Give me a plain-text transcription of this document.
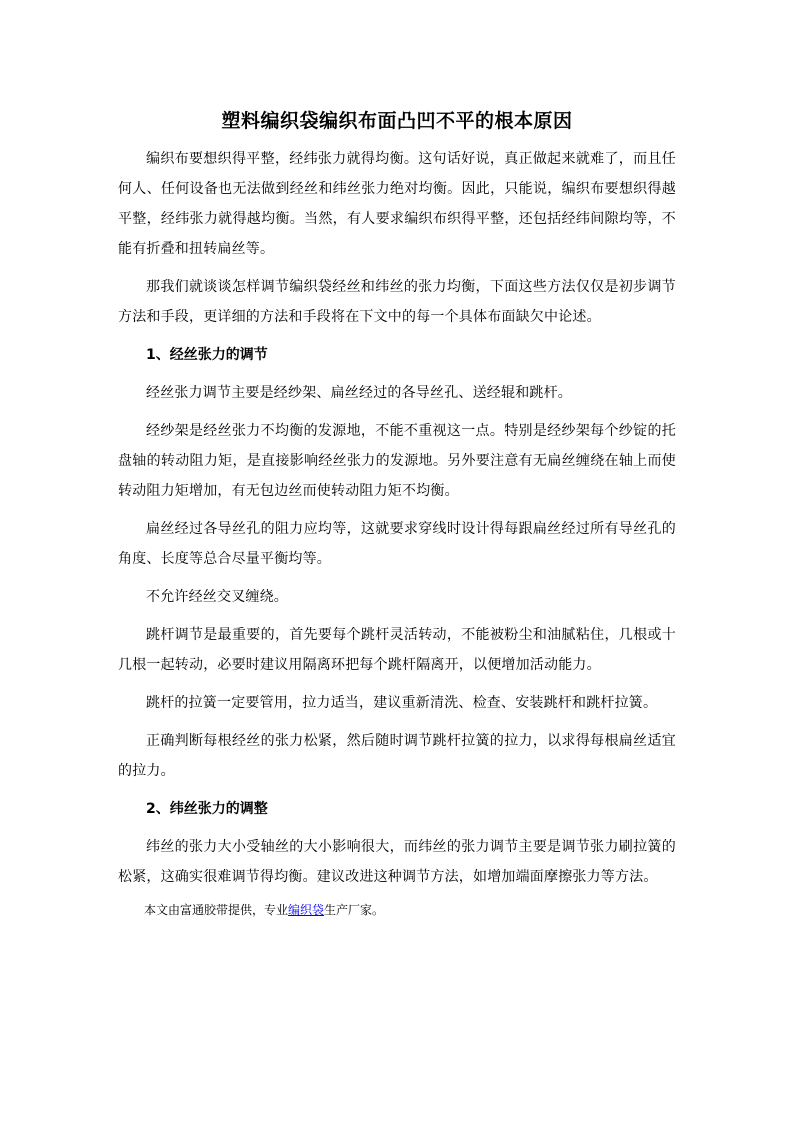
塑料编织袋编织布面凸凹不平的根本原因

编织布要想织得平整，经纬张力就得均衡。这句话好说，真正做起来就难了，而且任何人、任何设备也无法做到经丝和纬丝张力绝对均衡。因此，只能说，编织布要想织得越平整，经纬张力就得越均衡。当然，有人要求编织布织得平整，还包括经纬间隙均等，不能有折叠和扭转扁丝等。

那我们就谈谈怎样调节编织袋经丝和纬丝的张力均衡，下面这些方法仅仅是初步调节方法和手段，更详细的方法和手段将在下文中的每一个具体布面缺欠中论述。

1、经丝张力的调节

经丝张力调节主要是经纱架、扁丝经过的各导丝孔、送经辊和跳杆。

经纱架是经丝张力不均衡的发源地，不能不重视这一点。特别是经纱架每个纱锭的托盘轴的转动阻力矩，是直接影响经丝张力的发源地。另外要注意有无扁丝缠绕在轴上而使转动阻力矩增加，有无包边丝而使转动阻力矩不均衡。

扁丝经过各导丝孔的阻力应均等，这就要求穿线时设计得每跟扁丝经过所有导丝孔的角度、长度等总合尽量平衡均等。

不允许经丝交叉缠绕。

跳杆调节是最重要的，首先要每个跳杆灵活转动，不能被粉尘和油腻粘住，几根或十几根一起转动，必要时建议用隔离环把每个跳杆隔离开，以便增加活动能力。

跳杆的拉簧一定要管用，拉力适当，建议重新清洗、检查、安装跳杆和跳杆拉簧。

正确判断每根经丝的张力松紧，然后随时调节跳杆拉簧的拉力，以求得每根扁丝适宜的拉力。

2、纬丝张力的调整

纬丝的张力大小受轴丝的大小影响很大，而纬丝的张力调节主要是调节张力刷拉簧的松紧，这确实很难调节得均衡。建议改进这种调节方法，如增加端面摩擦张力等方法。

本文由富通胶带提供，专业编织袋生产厂家。
